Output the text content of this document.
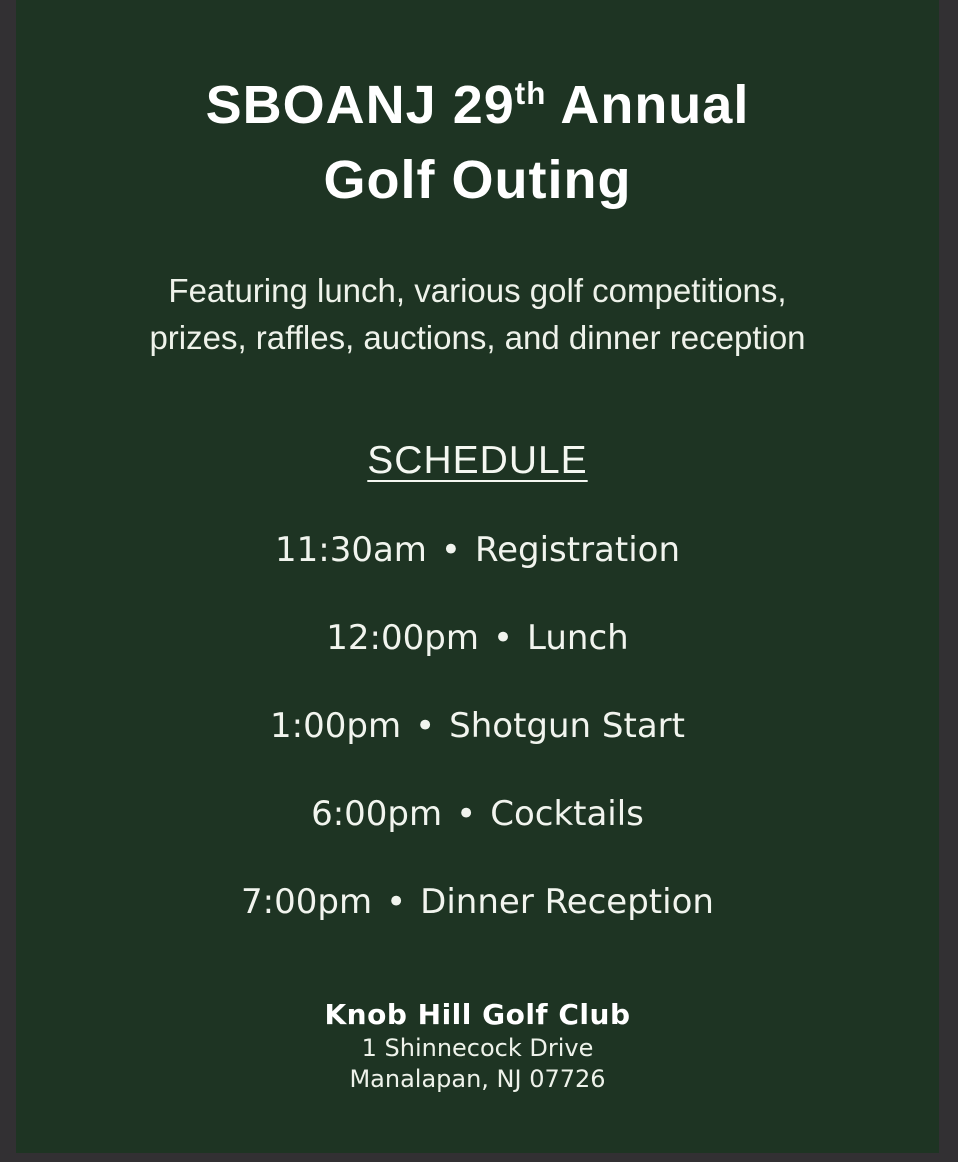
SBOANJ 29th Annual
Golf Outing

Featuring lunch, various golf competitions,
prizes, raffles, auctions, and dinner reception

SCHEDULE
11:30am • Registration
12:00pm • Lunch
1:00pm • Shotgun Start
6:00pm • Cocktails
7:00pm • Dinner Reception
Knob Hill Golf Club
1 Shinnecock Drive
Manalapan, NJ 07726
